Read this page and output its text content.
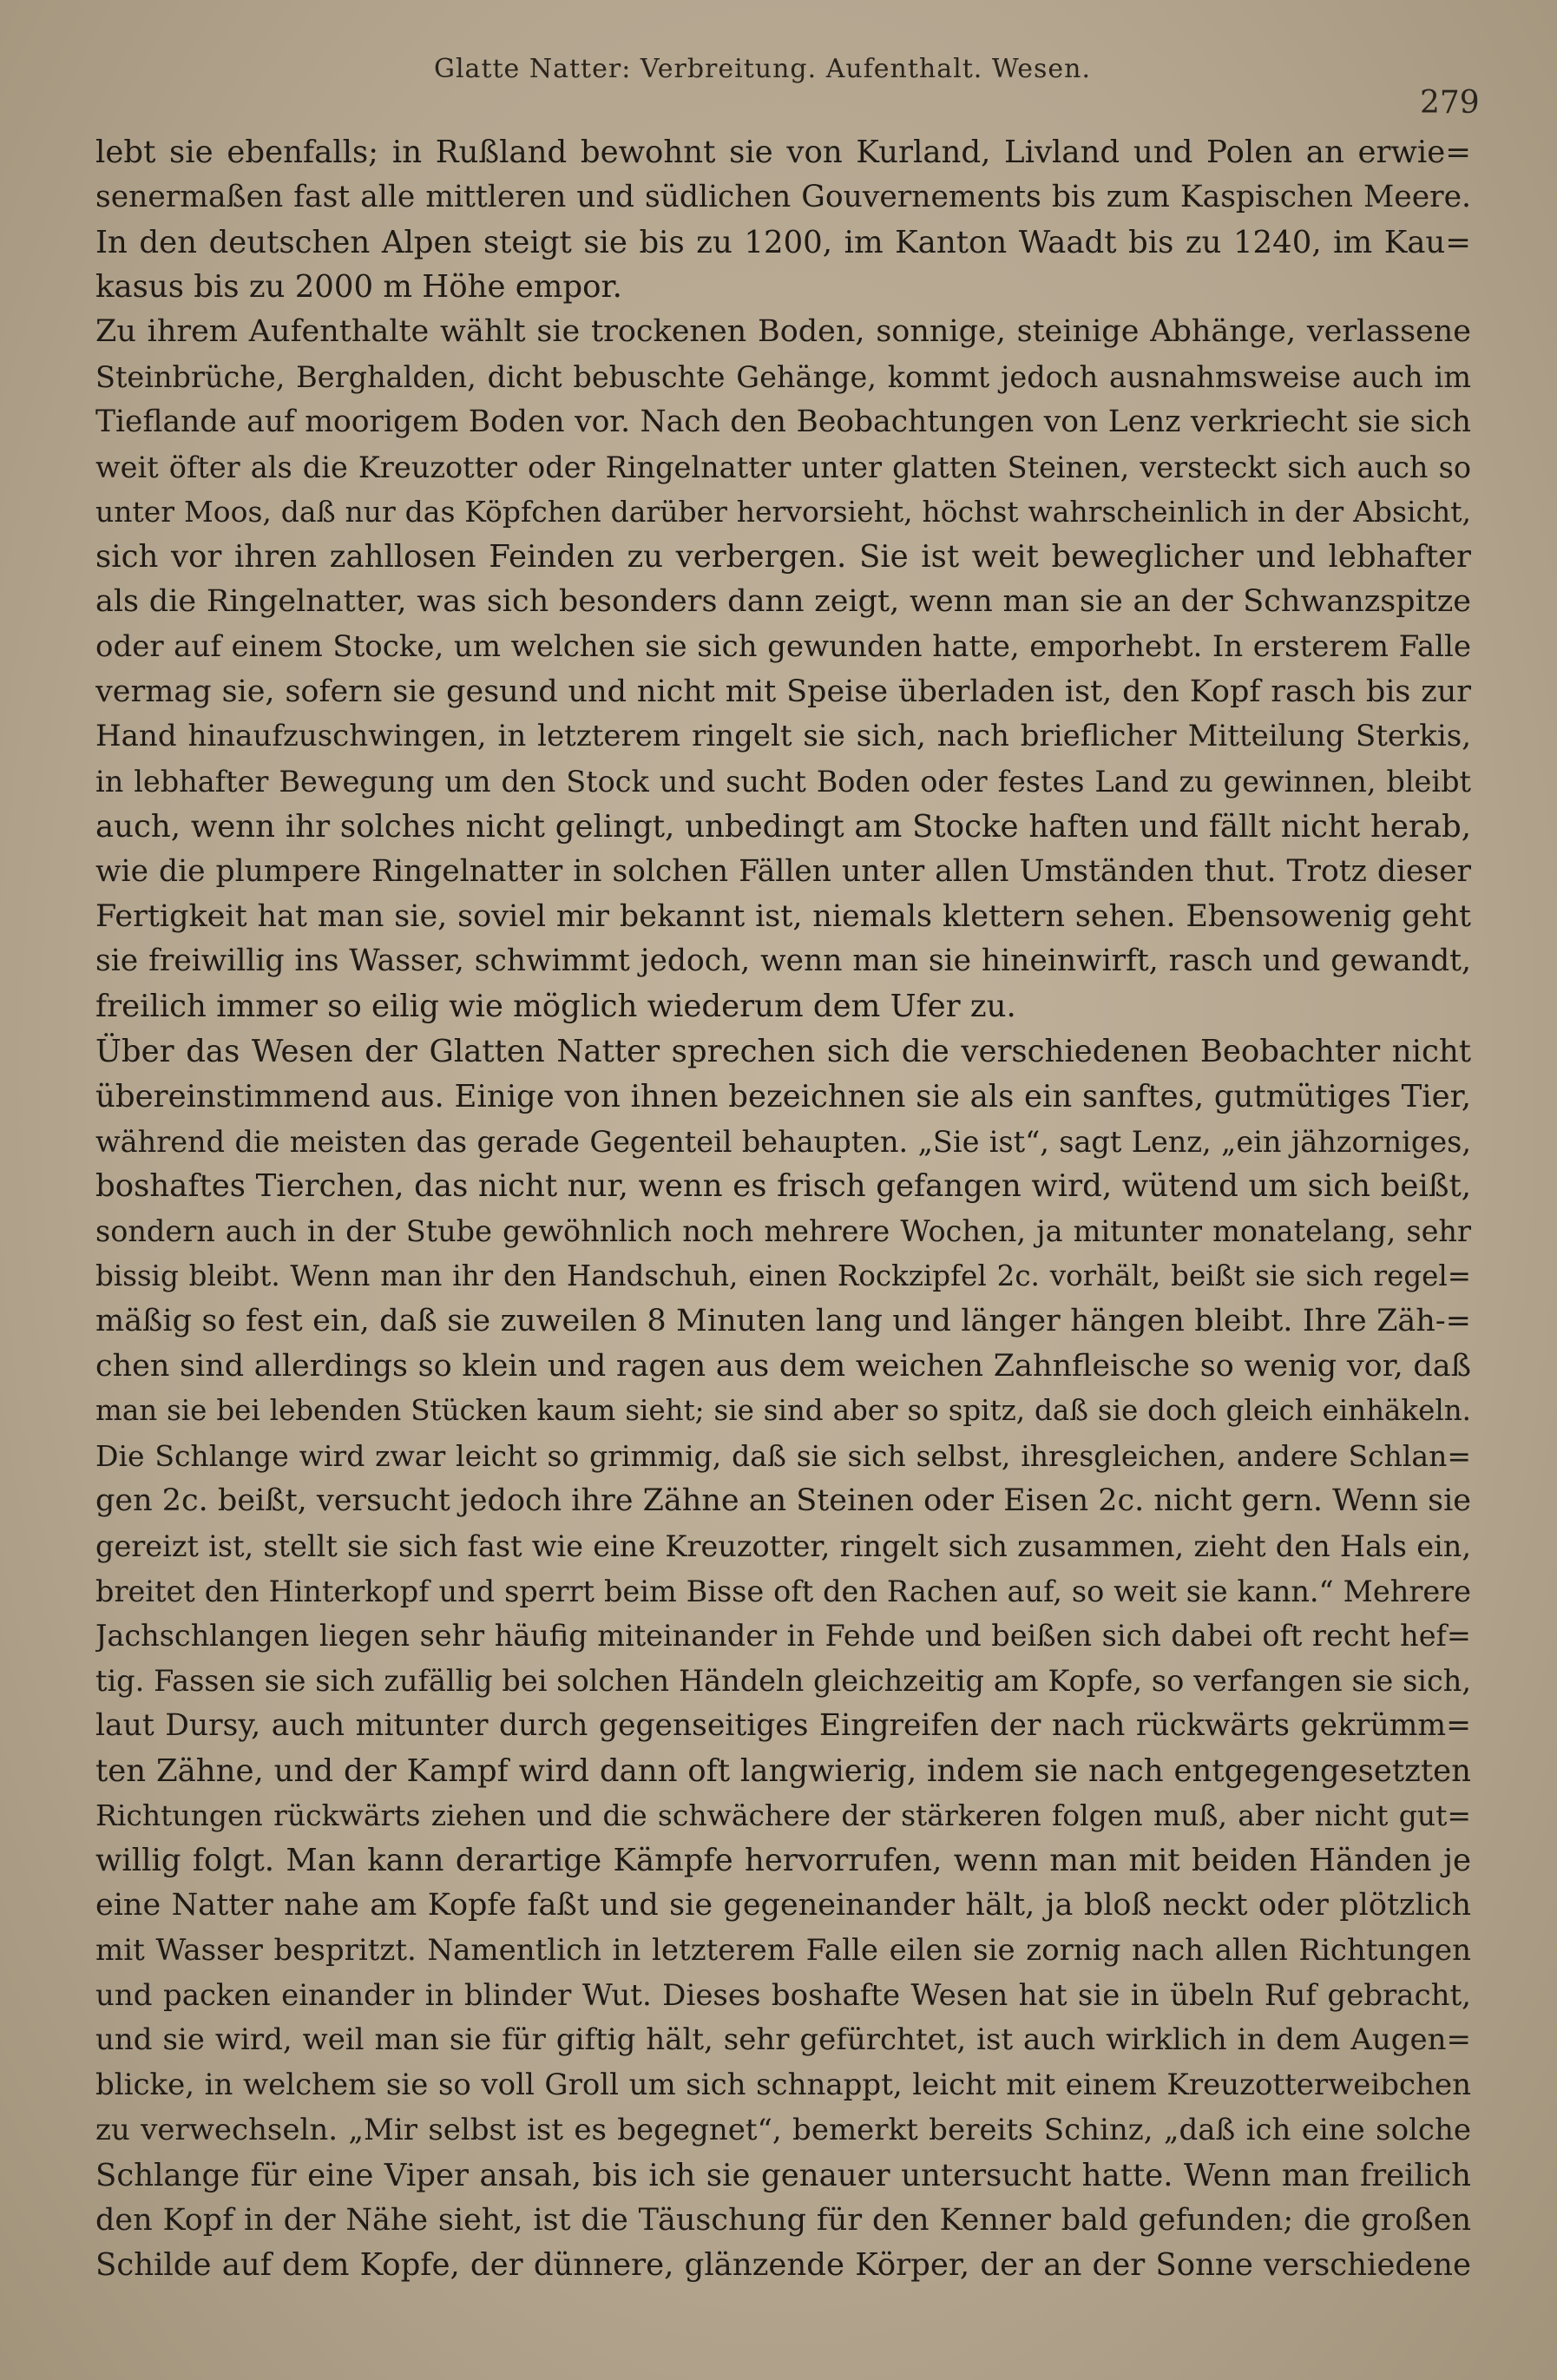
Glatte Natter: Verbreitung. Aufenthalt. Wesen.
279
lebt sie ebenfalls; in Rußland bewohnt sie von Kurland, Livland und Polen an erwie=
senermaßen fast alle mittleren und südlichen Gouvernements bis zum Kaspischen Meere.
In den deutschen Alpen steigt sie bis zu 1200, im Kanton Waadt bis zu 1240, im Kau=
kasus bis zu 2000 m Höhe empor.
Zu ihrem Aufenthalte wählt sie trockenen Boden, sonnige, steinige Abhänge, verlassene
Steinbrüche, Berghalden, dicht bebuschte Gehänge, kommt jedoch ausnahmsweise auch im
Tieflande auf moorigem Boden vor. Nach den Beobachtungen von Lenz verkriecht sie sich
weit öfter als die Kreuzotter oder Ringelnatter unter glatten Steinen, versteckt sich auch so
unter Moos, daß nur das Köpfchen darüber hervorsieht, höchst wahrscheinlich in der Absicht,
sich vor ihren zahllosen Feinden zu verbergen. Sie ist weit beweglicher und lebhafter
als die Ringelnatter, was sich besonders dann zeigt, wenn man sie an der Schwanzspitze
oder auf einem Stocke, um welchen sie sich gewunden hatte, emporhebt. In ersterem Falle
vermag sie, sofern sie gesund und nicht mit Speise überladen ist, den Kopf rasch bis zur
Hand hinaufzuschwingen, in letzterem ringelt sie sich, nach brieflicher Mitteilung Sterkis,
in lebhafter Bewegung um den Stock und sucht Boden oder festes Land zu gewinnen, bleibt
auch, wenn ihr solches nicht gelingt, unbedingt am Stocke haften und fällt nicht herab,
wie die plumpere Ringelnatter in solchen Fällen unter allen Umständen thut. Trotz dieser
Fertigkeit hat man sie, soviel mir bekannt ist, niemals klettern sehen. Ebensowenig geht
sie freiwillig ins Wasser, schwimmt jedoch, wenn man sie hineinwirft, rasch und gewandt,
freilich immer so eilig wie möglich wiederum dem Ufer zu.
Über das Wesen der Glatten Natter sprechen sich die verschiedenen Beobachter nicht
übereinstimmend aus. Einige von ihnen bezeichnen sie als ein sanftes, gutmütiges Tier,
während die meisten das gerade Gegenteil behaupten. „Sie ist“, sagt Lenz, „ein jähzorniges,
boshaftes Tierchen, das nicht nur, wenn es frisch gefangen wird, wütend um sich beißt,
sondern auch in der Stube gewöhnlich noch mehrere Wochen, ja mitunter monatelang, sehr
bissig bleibt. Wenn man ihr den Handschuh, einen Rockzipfel 2c. vorhält, beißt sie sich regel=
mäßig so fest ein, daß sie zuweilen 8 Minuten lang und länger hängen bleibt. Ihre Zäh-=
chen sind allerdings so klein und ragen aus dem weichen Zahnfleische so wenig vor, daß
man sie bei lebenden Stücken kaum sieht; sie sind aber so spitz, daß sie doch gleich einhäkeln.
Die Schlange wird zwar leicht so grimmig, daß sie sich selbst, ihresgleichen, andere Schlan=
gen 2c. beißt, versucht jedoch ihre Zähne an Steinen oder Eisen 2c. nicht gern. Wenn sie
gereizt ist, stellt sie sich fast wie eine Kreuzotter, ringelt sich zusammen, zieht den Hals ein,
breitet den Hinterkopf und sperrt beim Bisse oft den Rachen auf, so weit sie kann.“ Mehrere
Jachschlangen liegen sehr häufig miteinander in Fehde und beißen sich dabei oft recht hef=
tig. Fassen sie sich zufällig bei solchen Händeln gleichzeitig am Kopfe, so verfangen sie sich,
laut Dursy, auch mitunter durch gegenseitiges Eingreifen der nach rückwärts gekrümm=
ten Zähne, und der Kampf wird dann oft langwierig, indem sie nach entgegengesetzten
Richtungen rückwärts ziehen und die schwächere der stärkeren folgen muß, aber nicht gut=
willig folgt. Man kann derartige Kämpfe hervorrufen, wenn man mit beiden Händen je
eine Natter nahe am Kopfe faßt und sie gegeneinander hält, ja bloß neckt oder plötzlich
mit Wasser bespritzt. Namentlich in letzterem Falle eilen sie zornig nach allen Richtungen
und packen einander in blinder Wut. Dieses boshafte Wesen hat sie in übeln Ruf gebracht,
und sie wird, weil man sie für giftig hält, sehr gefürchtet, ist auch wirklich in dem Augen=
blicke, in welchem sie so voll Groll um sich schnappt, leicht mit einem Kreuzotterweibchen
zu verwechseln. „Mir selbst ist es begegnet“, bemerkt bereits Schinz, „daß ich eine solche
Schlange für eine Viper ansah, bis ich sie genauer untersucht hatte. Wenn man freilich
den Kopf in der Nähe sieht, ist die Täuschung für den Kenner bald gefunden; die großen
Schilde auf dem Kopfe, der dünnere, glänzende Körper, der an der Sonne verschiedene
